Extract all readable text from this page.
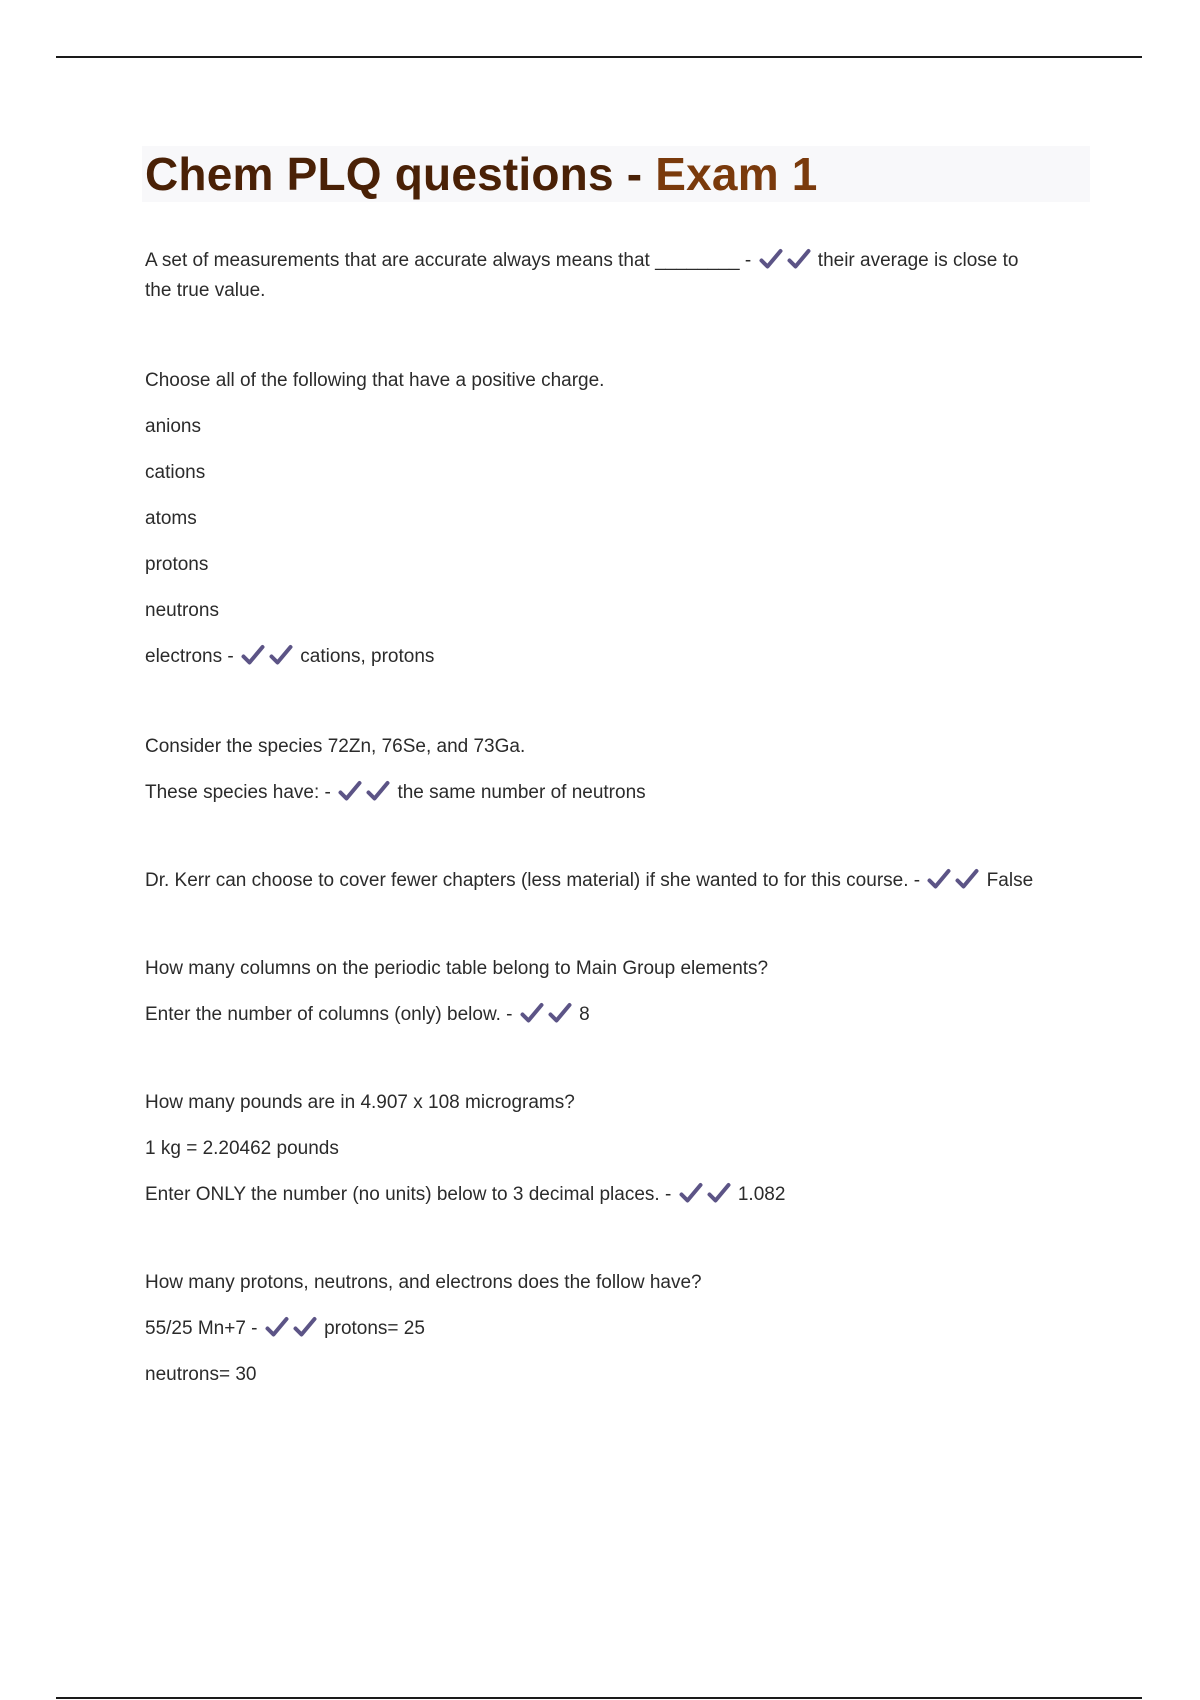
Chem PLQ questions - Exam 1

A set of measurements that are accurate always means that ________ -	their average is close to

the true value.

Choose all of the following that have a positive charge.

anions

cations

atoms

protons

neutrons

electrons -	cations, protons

Consider the species 72Zn, 76Se, and 73Ga.

These species have: -	the same number of neutrons

Dr. Kerr can choose to cover fewer chapters (less material) if she wanted to for this course. -	False

How many columns on the periodic table belong to Main Group elements?

Enter the number of columns (only) below. -	8

How many pounds are in 4.907 x 108 micrograms?

1 kg = 2.20462 pounds

Enter ONLY the number (no units) below to 3 decimal places. -	1.082

How many protons, neutrons, and electrons does the follow have?

55/25 Mn+7 -	protons= 25

neutrons= 30
